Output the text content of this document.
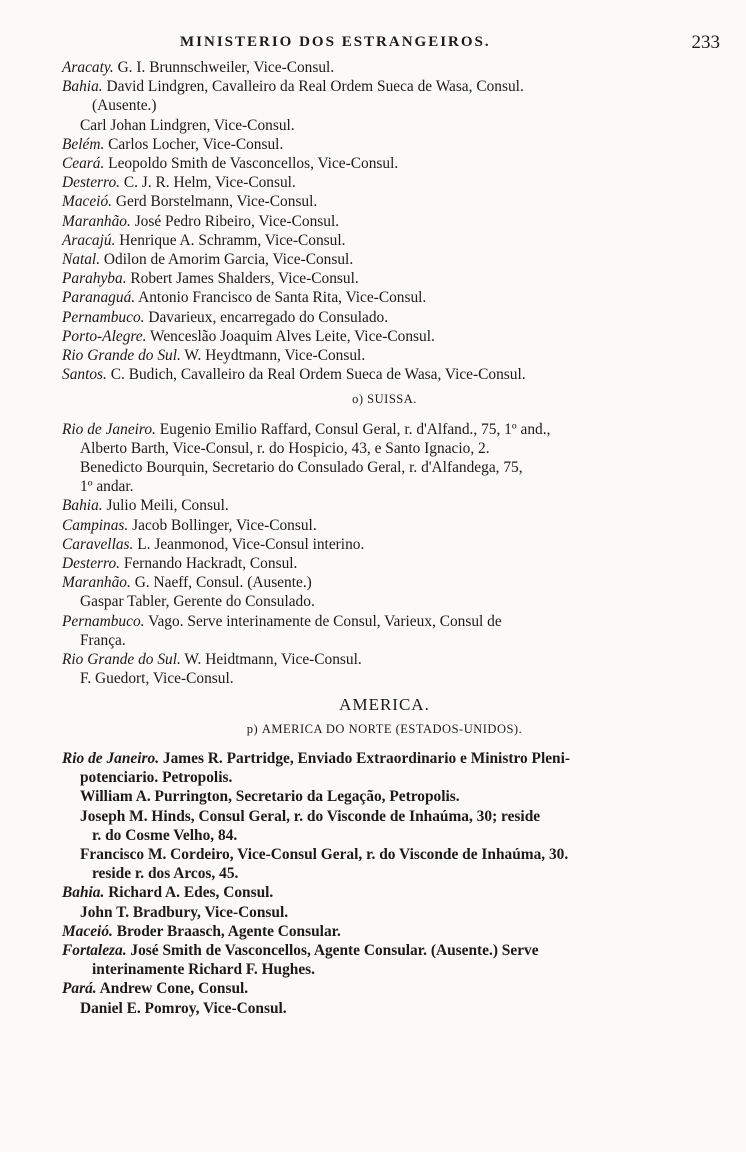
MINISTERIO DOS ESTRANGEIROS.	233
Aracaty. G. I. Brunnschweiler, Vice-Consul.
Bahia. David Lindgren, Cavalleiro da Real Ordem Sueca de Wasa, Consul.
(Ausente.)
Carl Johan Lindgren, Vice-Consul.
Belém. Carlos Locher, Vice-Consul.
Ceará. Leopoldo Smith de Vasconcellos, Vice-Consul.
Desterro. C. J. R. Helm, Vice-Consul.
Maceió. Gerd Borstelmann, Vice-Consul.
Maranhão. José Pedro Ribeiro, Vice-Consul.
Aracajú. Henrique A. Schramm, Vice-Consul.
Natal. Odilon de Amorim Garcia, Vice-Consul.
Parahyba. Robert James Shalders, Vice-Consul.
Paranaguá. Antonio Francisco de Santa Rita, Vice-Consul.
Pernambuco. Davarieux, encarregado do Consulado.
Porto-Alegre. Wenceslão Joaquim Alves Leite, Vice-Consul.
Rio Grande do Sul. W. Heydtmann, Vice-Consul.
Santos. C. Budich, Cavalleiro da Real Ordem Sueca de Wasa, Vice-Consul.
o) SUISSA.
Rio de Janeiro. Eugenio Emilio Raffard, Consul Geral, r. d'Alfand., 75, 1º and.,
Alberto Barth, Vice-Consul, r. do Hospicio, 43, e Santo Ignacio, 2.
Benedicto Bourquin, Secretario do Consulado Geral, r. d'Alfandega, 75,
1º andar.
Bahia. Julio Meili, Consul.
Campinas. Jacob Bollinger, Vice-Consul.
Caravellas. L. Jeanmonod, Vice-Consul interino.
Desterro. Fernando Hackradt, Consul.
Maranhão. G. Naeff, Consul. (Ausente.)
Gaspar Tabler, Gerente do Consulado.
Pernambuco. Vago. Serve interinamente de Consul, Varieux, Consul de
França.
Rio Grande do Sul. W. Heidtmann, Vice-Consul.
F. Guedort, Vice-Consul.
AMERICA.
p) AMERICA DO NORTE (ESTADOS-UNIDOS).
Rio de Janeiro. James R. Partridge, Enviado Extraordinario e Ministro Pleni-
potenciario. Petropolis.
William A. Purrington, Secretario da Legação, Petropolis.
Joseph M. Hinds, Consul Geral, r. do Visconde de Inhaúma, 30; reside
r. do Cosme Velho, 84.
Francisco M. Cordeiro, Vice-Consul Geral, r. do Visconde de Inhaúma, 30.
reside r. dos Arcos, 45.
Bahia. Richard A. Edes, Consul.
John T. Bradbury, Vice-Consul.
Maceió. Broder Braasch, Agente Consular.
Fortaleza. José Smith de Vasconcellos, Agente Consular. (Ausente.) Serve
interinamente Richard F. Hughes.
Pará. Andrew Cone, Consul.
Daniel E. Pomroy, Vice-Consul.
